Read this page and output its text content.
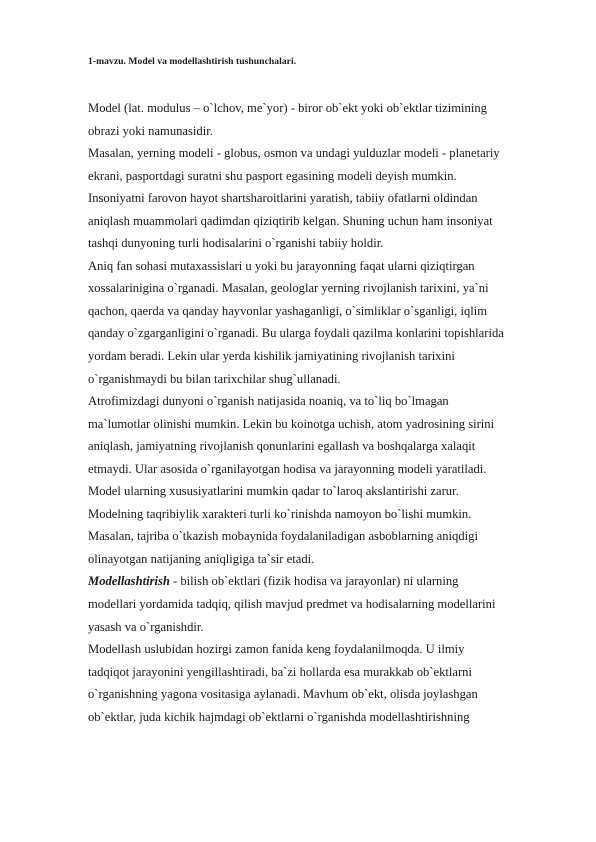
1-mavzu. Model va modellashtirish tushunchalari.
Model (lat. modulus – o`lchov, me`yor) - biror ob`ekt yoki ob`ektlar tizimining
obrazi yoki namunasidir.
Masalan, yerning modeli - globus, osmon va undagi yulduzlar modeli - planetariy
ekrani, pasportdagi suratni shu pasport egasining modeli deyish mumkin.
Insoniyatni farovon hayot shartsharoitlarini yaratish, tabiiy ofatlarni oldindan
aniqlash muammolari qadimdan qiziqtirib kelgan. Shuning uchun ham insoniyat
tashqi dunyoning turli hodisalarini o`rganishi tabiiy holdir.
Aniq fan sohasi mutaxassislari u yoki bu jarayonning faqat ularni qiziqtirgan
xossalarinigina o`rganadi. Masalan, geologlar yerning rivojlanish tarixini, ya`ni
qachon, qaerda va qanday hayvonlar yashaganligi, o`simliklar o`sganligi, iqlim
qanday o`zgarganligini o`rganadi. Bu ularga foydali qazilma konlarini topishlarida
yordam beradi. Lekin ular yerda kishilik jamiyatining rivojlanish tarixini
o`rganishmaydi bu bilan tarixchilar shug`ullanadi.
Atrofimizdagi dunyoni o`rganish natijasida noaniq, va to`liq bo`lmagan
ma`lumotlar olinishi mumkin. Lekin bu koinotga uchish, atom yadrosining sirini
aniqlash, jamiyatning rivojlanish qonunlarini egallash va boshqalarga xalaqit
etmaydi. Ular asosida o`rganilayotgan hodisa va jarayonning modeli yaratiladi.
Model ularning xususiyatlarini mumkin qadar to`laroq akslantirishi zarur.
Modelning taqribiylik xarakteri turli ko`rinishda namoyon bo`lishi mumkin.
Masalan, tajriba o`tkazish mobaynida foydalaniladigan asboblarning aniqdigi
olinayotgan natijaning aniqligiga ta`sir etadi.
Modellashtirish - bilish ob`ektlari (fizik hodisa va jarayonlar) ni ularning
modellari yordamida tadqiq, qilish mavjud predmet va hodisalarning modellarini
yasash va o`rganishdir.
Modellash uslubidan hozirgi zamon fanida keng foydalanilmoqda. U ilmiy
tadqiqot jarayonini yengillashtiradi, ba`zi hollarda esa murakkab ob`ektlarni
o`rganishning yagona vositasiga aylanadi. Mavhum ob`ekt, olisda joylashgan
ob`ektlar, juda kichik hajmdagi ob`ektlarni o`rganishda modellashtirishning
